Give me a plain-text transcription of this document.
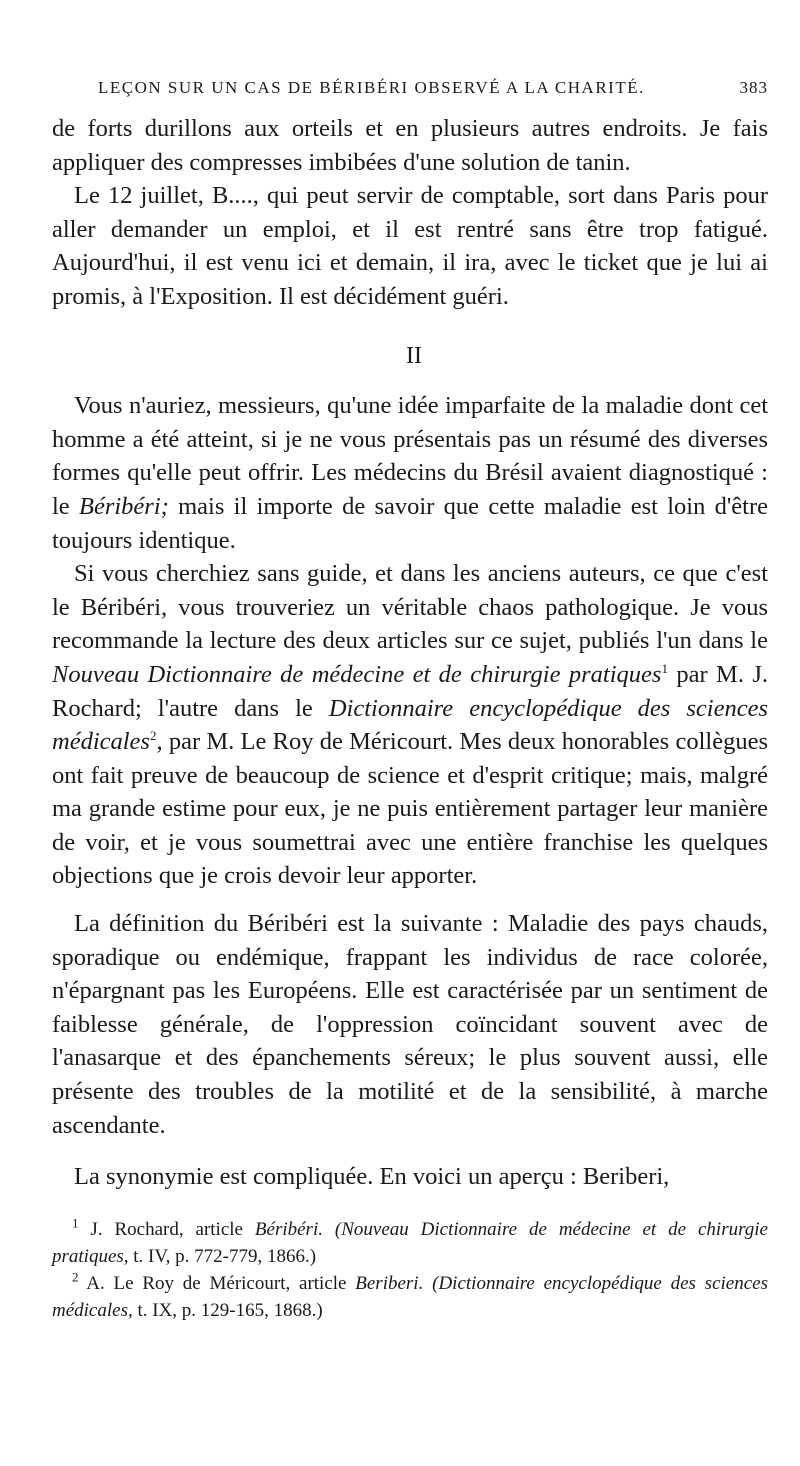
LEÇON SUR UN CAS DE BÉRIBÉRI OBSERVÉ A LA CHARITÉ.	383

de forts durillons aux orteils et en plusieurs autres endroits. Je fais appliquer des compresses imbibées d'une solution de tanin.

Le 12 juillet, B...., qui peut servir de comptable, sort dans Paris pour aller demander un emploi, et il est rentré sans être trop fatigué. Aujourd'hui, il est venu ici et demain, il ira, avec le ticket que je lui ai promis, à l'Exposition. Il est décidément guéri.

II

Vous n'auriez, messieurs, qu'une idée imparfaite de la maladie dont cet homme a été atteint, si je ne vous présentais pas un résumé des diverses formes qu'elle peut offrir. Les médecins du Brésil avaient diagnostiqué : le Béribéri; mais il importe de savoir que cette maladie est loin d'être toujours identique.

Si vous cherchiez sans guide, et dans les anciens auteurs, ce que c'est le Béribéri, vous trouveriez un véritable chaos pathologique. Je vous recommande la lecture des deux articles sur ce sujet, publiés l'un dans le Nouveau Dictionnaire de médecine et de chirurgie pratiques$^1$ par M. J. Rochard; l'autre dans le Dictionnaire encyclopédique des sciences médicales$^2$, par M. Le Roy de Méricourt. Mes deux honorables collègues ont fait preuve de beaucoup de science et d'esprit critique; mais, malgré ma grande estime pour eux, je ne puis entièrement partager leur manière de voir, et je vous soumettrai avec une entière franchise les quelques objections que je crois devoir leur apporter.

La définition du Béribéri est la suivante : Maladie des pays chauds, sporadique ou endémique, frappant les individus de race colorée, n'épargnant pas les Européens. Elle est caractérisée par un sentiment de faiblesse générale, de l'oppression coïncidant souvent avec de l'anasarque et des épanchements séreux; le plus souvent aussi, elle présente des troubles de la motilité et de la sensibilité, à marche ascendante.

La synonymie est compliquée. En voici un aperçu : Beriberi,

$^1$ J. Rochard, article Béribéri. (Nouveau Dictionnaire de médecine et de chirurgie pratiques, t. IV, p. 772-779, 1866.)

$^2$ A. Le Roy de Méricourt, article Beriberi. (Dictionnaire encyclopédique des sciences médicales, t. IX, p. 129-165, 1868.)
